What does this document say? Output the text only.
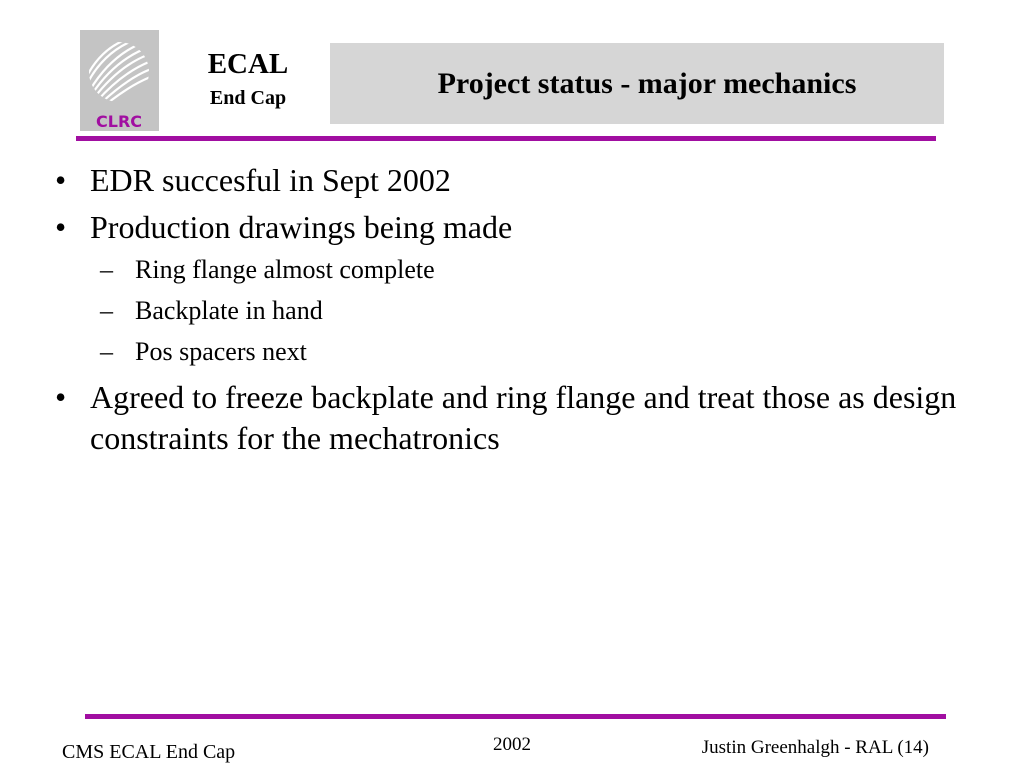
CLRC
ECAL
End Cap	Project status - major mechanics
• EDR succesful in Sept 2002
• Production drawings being made
– Ring flange almost complete
– Backplate in hand
– Pos spacers next
• Agreed to freeze backplate and ring flange and treat those as design constraints for the mechatronics
CMS ECAL End Cap	2002	Justin Greenhalgh - RAL (14)
